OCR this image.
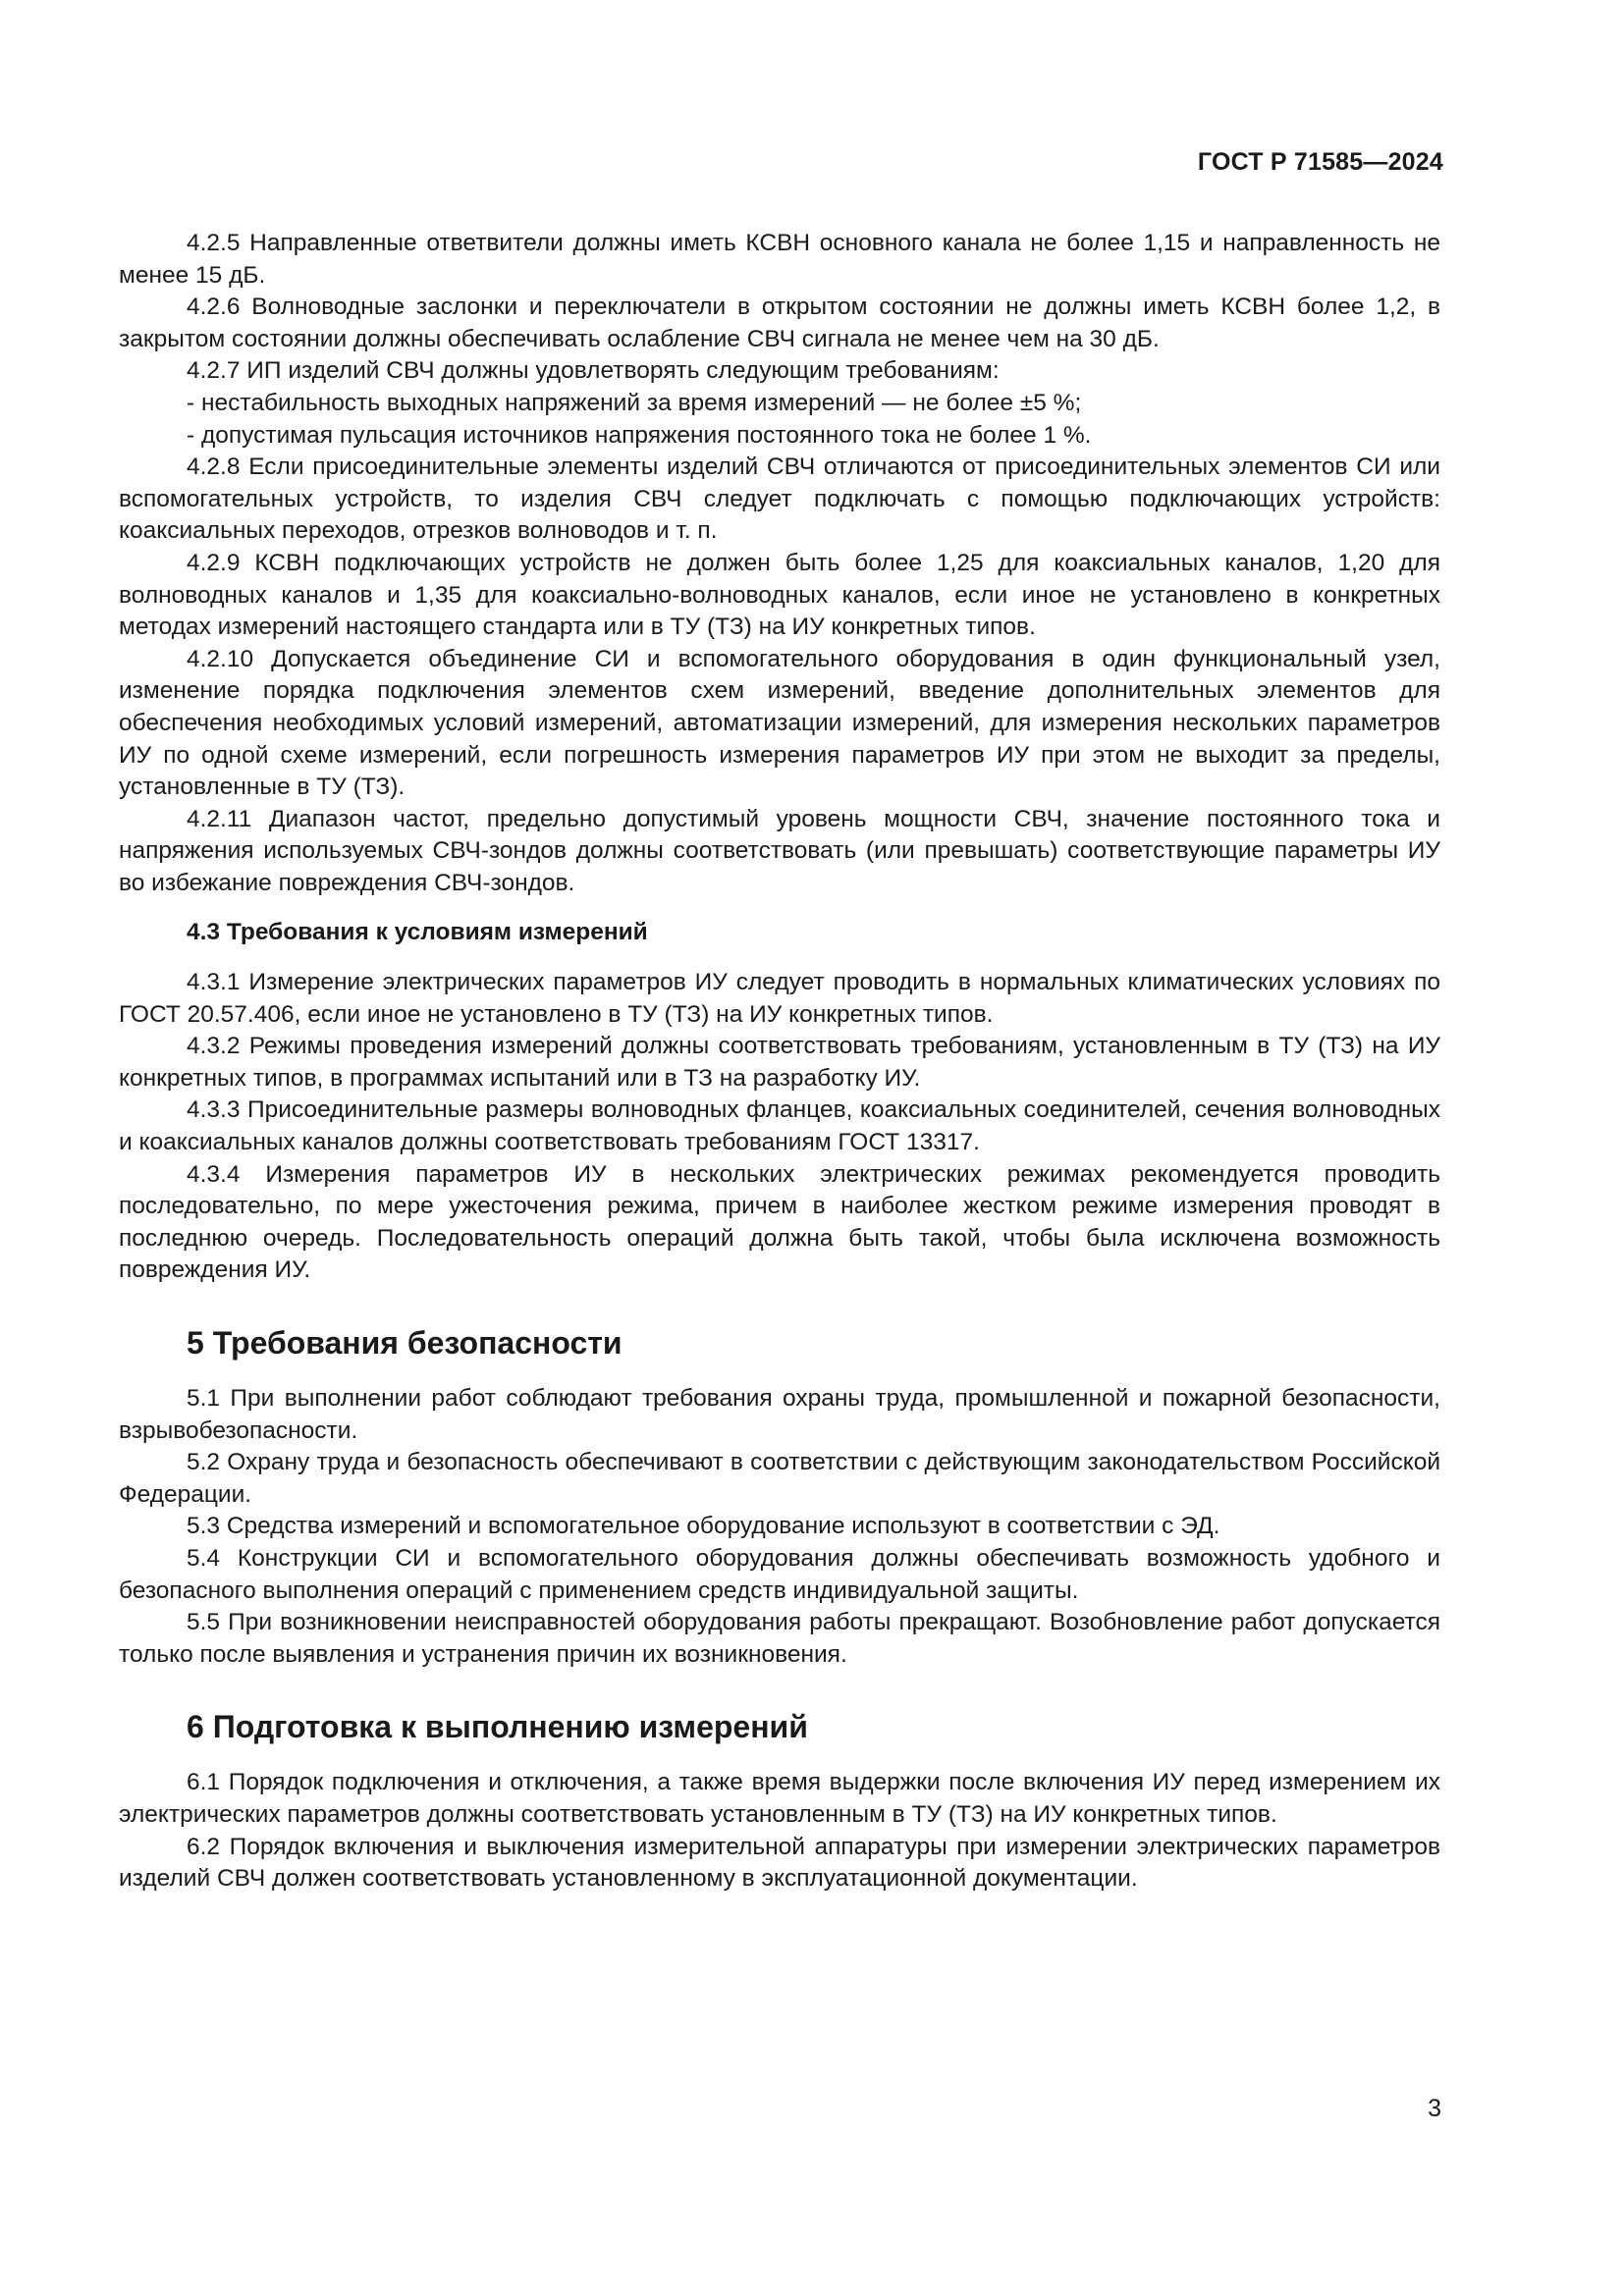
ГОСТ Р 71585—2024

4.2.5 Направленные ответвители должны иметь КСВН основного канала не более 1,15 и направленность не менее 15 дБ.

4.2.6 Волноводные заслонки и переключатели в открытом состоянии не должны иметь КСВН более 1,2, в закрытом состоянии должны обеспечивать ослабление СВЧ сигнала не менее чем на 30 дБ.

4.2.7 ИП изделий СВЧ должны удовлетворять следующим требованиям:

- нестабильность выходных напряжений за время измерений — не более ±5 %;

- допустимая пульсация источников напряжения постоянного тока не более 1 %.

4.2.8 Если присоединительные элементы изделий СВЧ отличаются от присоединительных элементов СИ или вспомогательных устройств, то изделия СВЧ следует подключать с помощью подключающих устройств: коаксиальных переходов, отрезков волноводов и т. п.

4.2.9 КСВН подключающих устройств не должен быть более 1,25 для коаксиальных каналов, 1,20 для волноводных каналов и 1,35 для коаксиально-волноводных каналов, если иное не установлено в конкретных методах измерений настоящего стандарта или в ТУ (ТЗ) на ИУ конкретных типов.

4.2.10 Допускается объединение СИ и вспомогательного оборудования в один функциональный узел, изменение порядка подключения элементов схем измерений, введение дополнительных элементов для обеспечения необходимых условий измерений, автоматизации измерений, для измерения нескольких параметров ИУ по одной схеме измерений, если погрешность измерения параметров ИУ при этом не выходит за пределы, установленные в ТУ (ТЗ).

4.2.11 Диапазон частот, предельно допустимый уровень мощности СВЧ, значение постоянного тока и напряжения используемых СВЧ-зондов должны соответствовать (или превышать) соответствующие параметры ИУ во избежание повреждения СВЧ-зондов.

4.3 Требования к условиям измерений

4.3.1 Измерение электрических параметров ИУ следует проводить в нормальных климатических условиях по ГОСТ 20.57.406, если иное не установлено в ТУ (ТЗ) на ИУ конкретных типов.

4.3.2 Режимы проведения измерений должны соответствовать требованиям, установленным в ТУ (ТЗ) на ИУ конкретных типов, в программах испытаний или в ТЗ на разработку ИУ.

4.3.3 Присоединительные размеры волноводных фланцев, коаксиальных соединителей, сечения волноводных и коаксиальных каналов должны соответствовать требованиям ГОСТ 13317.

4.3.4 Измерения параметров ИУ в нескольких электрических режимах рекомендуется проводить последовательно, по мере ужесточения режима, причем в наиболее жестком режиме измерения проводят в последнюю очередь. Последовательность операций должна быть такой, чтобы была исключена возможность повреждения ИУ.

5 Требования безопасности

5.1 При выполнении работ соблюдают требования охраны труда, промышленной и пожарной безопасности, взрывобезопасности.

5.2 Охрану труда и безопасность обеспечивают в соответствии с действующим законодательством Российской Федерации.

5.3 Средства измерений и вспомогательное оборудование используют в соответствии с ЭД.

5.4 Конструкции СИ и вспомогательного оборудования должны обеспечивать возможность удобного и безопасного выполнения операций с применением средств индивидуальной защиты.

5.5 При возникновении неисправностей оборудования работы прекращают. Возобновление работ допускается только после выявления и устранения причин их возникновения.

6 Подготовка к выполнению измерений

6.1 Порядок подключения и отключения, а также время выдержки после включения ИУ перед измерением их электрических параметров должны соответствовать установленным в ТУ (ТЗ) на ИУ конкретных типов.

6.2 Порядок включения и выключения измерительной аппаратуры при измерении электрических параметров изделий СВЧ должен соответствовать установленному в эксплуатационной документации.

3
